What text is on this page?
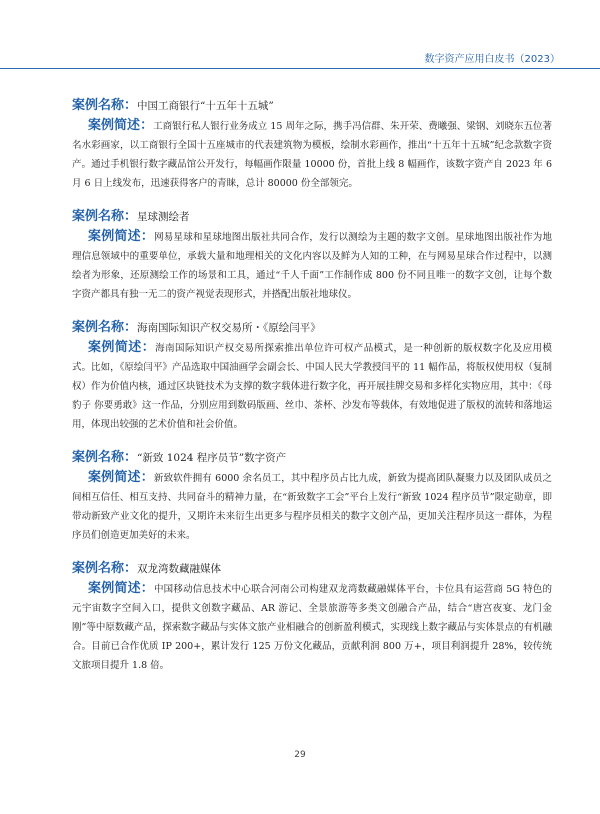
数字资产应用白皮书（2023）
案例名称：中国工商银行“十五年十五城”
案例简述：工商银行私人银行业务成立 15 周年之际，携手冯信群、朱开荣、费曦强、梁钢、刘晓东五位著名水彩画家，以工商银行全国十五座城市的代表建筑物为模板，绘制水彩画作，推出“十五年十五城”纪念款数字资产。通过手机银行数字藏品馆公开发行，每幅画作限量 10000 份，首批上线 8 幅画作，该数字资产自 2023 年 6 月 6 日上线发布，迅速获得客户的青睐，总计 80000 份全部领完。
案例名称：星球测绘者
案例简述：网易星球和星球地图出版社共同合作，发行以测绘为主题的数字文创。星球地图出版社作为地理信息领域中的重要单位，承载大量和地理相关的文化内容以及鲜为人知的工种，在与网易星球合作过程中，以测绘者为形象，还原测绘工作的场景和工具，通过“千人千面”工作制作成 800 份不同且唯一的数字文创，让每个数字资产都具有独一无二的资产视觉表现形式，并搭配出版社地球仪。
案例名称：海南国际知识产权交易所・《原绘闫平》
案例简述：海南国际知识产权交易所探索推出单位许可权产品模式，是一种创新的版权数字化及应用模式。比如，《原绘闫平》产品选取中国油画学会副会长、中国人民大学教授闫平的 11 幅作品，将版权使用权（复制权）作为价值内核，通过区块链技术为支撑的数字载体进行数字化，再开展挂牌交易和多样化实物应用，其中：《母豹子 你要勇敢》这一作品，分别应用到数码版画、丝巾、茶杯、沙发布等载体，有效地促进了版权的流转和落地运用，体现出较强的艺术价值和社会价值。
案例名称：“新致 1024 程序员节”数字资产
案例简述：新致软件拥有 6000 余名员工，其中程序员占比九成，新致为提高团队凝聚力以及团队成员之间相互信任、相互支持、共同奋斗的精神力量，在“新致数字工会”平台上发行“新致 1024 程序员节”限定勋章，即带动新致产业文化的提升，又期许未来衍生出更多与程序员相关的数字文创产品，更加关注程序员这一群体，为程序员们创造更加美好的未来。
案例名称：双龙湾数藏融媒体
案例简述：中国移动信息技术中心联合河南公司构建双龙湾数藏融媒体平台，卡位具有运营商 5G 特色的元宇宙数字空间入口，提供文创数字藏品、AR 游记、全景旅游等多类文创融合产品，结合“唐宫夜宴、龙门金刚”等中原数藏产品，探索数字藏品与实体文旅产业相融合的创新盈利模式，实现线上数字藏品与实体景点的有机融合。目前已合作优质 IP 200+，累计发行 125 万份文化藏品，贡献利润 800 万+，项目利润提升 28%，较传统文旅项目提升 1.8 倍。
29
